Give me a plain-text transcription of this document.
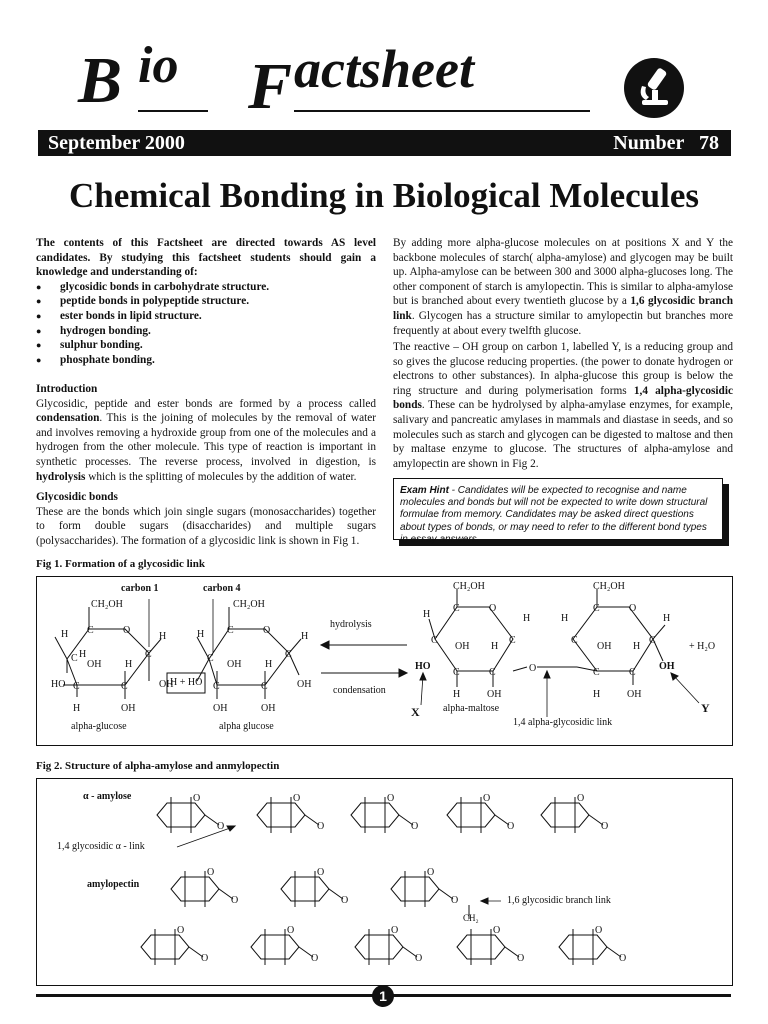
B io F actsheet
September 2000	Number   78
Chemical Bonding in Biological Molecules

The contents of this Factsheet are directed towards AS level candidates. By studying this factsheet students should gain a knowledge and understanding of:

● glycosidic bonds in carbohydrate structure.
● peptide bonds in polypeptide structure.
● ester bonds in lipid structure.
● hydrogen bonding.
● sulphur bonding.
● phosphate bonding.
Introduction

Glycosidic, peptide and ester bonds are formed by a process called condensation. This is the joining of molecules by the removal of water and involves removing a hydroxide group from one of the molecules and a hydrogen from the other molecule. This type of reaction is important in synthetic processes. The reverse process, involved in digestion, is hydrolysis which is the splitting of molecules by the addition of water.

Glycosidic bonds

These are the bonds which join single sugars (monosaccharides) together to form double sugars (disaccharides) and multiple sugars (polysaccharides). The formation of a glycosidic link is shown in Fig 1.

By adding more alpha-glucose molecules on at positions X and Y the backbone molecules of starch( alpha-amylose) and glycogen may be built up. Alpha-amylose can be between 300 and 3000 alpha-glucoses long. The other component of starch is amylopectin. This is similar to alpha-amylose but is branched about every twentieth glucose by a 1,6 glycosidic branch link. Glycogen has a structure similar to amylopectin but branches more frequently at about every twelfth glucose.
The reactive – OH group on carbon 1, labelled Y, is a reducing group and so gives the glucose reducing properties. (the power to donate hydrogen or electrons to other substances). In alpha-glucose this group is below the ring structure and during polymerisation forms 1,4 alpha-glycosidic bonds. These can be hydrolysed by alpha-amylase enzymes, for example, salivary and pancreatic amylases in mammals and diastase in seeds, and so molecules such as starch and glycogen can be digested to maltose and then by maltase enzyme to glucose. The structures of alpha-amylose and amylopectin are shown in Fig 2.
Exam Hint - Candidates will be expected to recognise and name molecules and bonds but will not be expected to write down structural formulae from memory. Candidates may be asked direct questions about types of bonds, or may need to refer to the different bond types in essay answers.
Fig 1. Formation of a glycosidic link
CH₂OH	CH₂OH
C	O
C
H
H
C
OH
HO C	C
H
OH
H
H
OH
C	O
C
H
C
OH
C	C
H
OH	OH
H
OH
CH₂OH	CH₂OH
C	O	C	O
H	H	H	H
C	C	C	C
OH H	OH H
C	C	C	C
O
+ H₂O
HO	OH
H	OH	H	OH
carbon 1	carbon 4
H + HO
hydrolysis
condensation
alpha-glucose	alpha glucose
alpha-maltose
1,4 alpha-glycosidic link
X	Y
Fig 2. Structure of alpha-amylose and anmylopectin
O
O
O
O
O
O
O
O
O
O
O
O
O
O
O
O
O
O
O
O
O
O
O
O
O
O
α - amylose
1,4 glycosidic α - link
amylopectin
1,6 glycosidic branch link
CH₂
1
